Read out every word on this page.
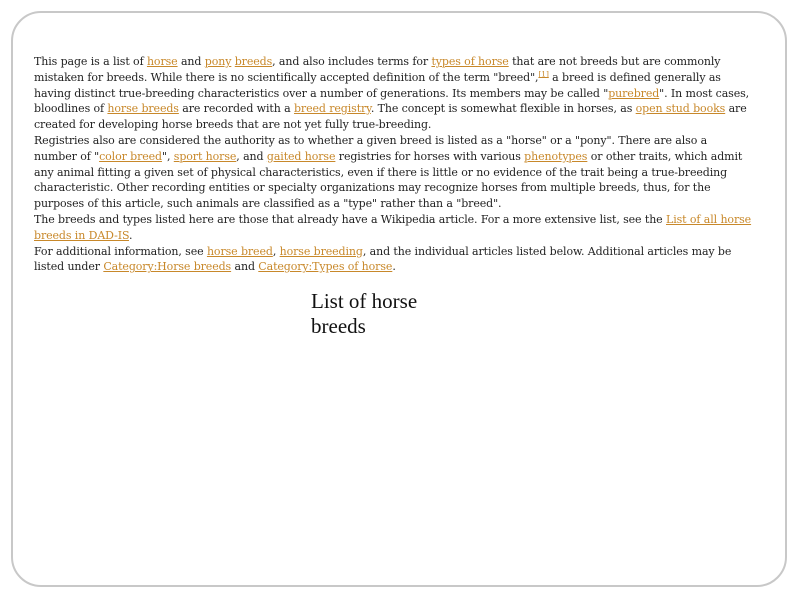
This page is a list of horse and pony breeds, and also includes terms for types of horse that are not breeds but are commonly mistaken for breeds. While there is no scientifically accepted definition of the term "breed",[1] a breed is defined generally as having distinct true-breeding characteristics over a number of generations. Its members may be called "purebred". In most cases, bloodlines of horse breeds are recorded with a breed registry. The concept is somewhat flexible in horses, as open stud books are created for developing horse breeds that are not yet fully true-breeding.

Registries also are considered the authority as to whether a given breed is listed as a "horse" or a "pony". There are also a number of "color breed", sport horse, and gaited horse registries for horses with various phenotypes or other traits, which admit any animal fitting a given set of physical characteristics, even if there is little or no evidence of the trait being a true-breeding characteristic. Other recording entities or specialty organizations may recognize horses from multiple breeds, thus, for the purposes of this article, such animals are classified as a "type" rather than a "breed".

The breeds and types listed here are those that already have a Wikipedia article. For a more extensive list, see the List of all horse breeds in DAD-IS.

For additional information, see horse breed, horse breeding, and the individual articles listed below. Additional articles may be listed under Category:Horse breeds and Category:Types of horse.

List of horse breeds
